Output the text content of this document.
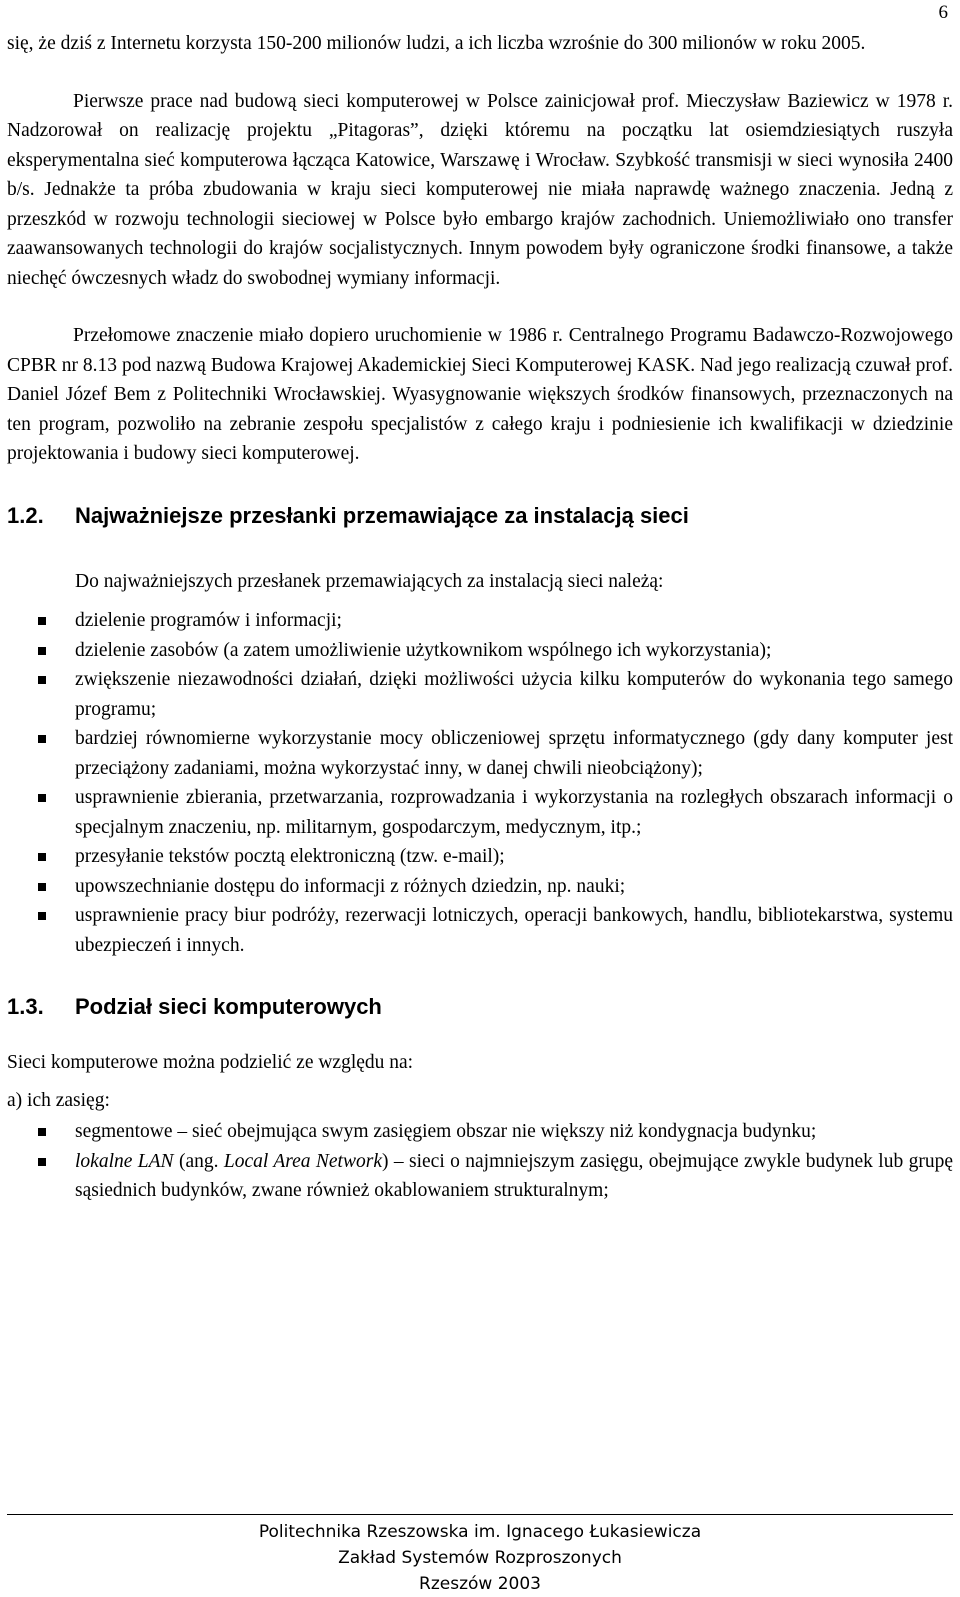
6

się, że dziś z Internetu korzysta 150-200 milionów ludzi, a ich liczba wzrośnie do 300 milionów w roku 2005.

Pierwsze prace nad budową sieci komputerowej w Polsce zainicjował prof. Mieczysław Baziewicz w 1978 r. Nadzorował on realizację projektu „Pitagoras”, dzięki któremu na początku lat osiemdziesiątych ruszyła eksperymentalna sieć komputerowa łącząca Katowice, Warszawę i Wrocław. Szybkość transmisji w sieci wynosiła 2400 b/s. Jednakże ta próba zbudowania w kraju sieci komputerowej nie miała naprawdę ważnego znaczenia. Jedną z przeszkód w rozwoju technologii sieciowej w Polsce było embargo krajów zachodnich. Uniemożliwiało ono transfer zaawansowanych technologii do krajów socjalistycznych. Innym powodem były ograniczone środki finansowe, a także niechęć ówczesnych władz do swobodnej wymiany informacji.

Przełomowe znaczenie miało dopiero uruchomienie w 1986 r. Centralnego Programu Badawczo-Rozwojowego CPBR nr 8.13 pod nazwą Budowa Krajowej Akademickiej Sieci Komputerowej KASK. Nad jego realizacją czuwał prof. Daniel Józef Bem z Politechniki Wrocławskiej. Wyasygnowanie większych środków finansowych, przeznaczonych na ten program, pozwoliło na zebranie zespołu specjalistów z całego kraju i podniesienie ich kwalifikacji w dziedzinie projektowania i budowy sieci komputerowej.

1.2.	Najważniejsze przesłanki przemawiające za instalacją sieci

Do najważniejszych przesłanek przemawiających za instalacją sieci należą:

dzielenie programów i informacji;
dzielenie zasobów (a zatem umożliwienie użytkownikom wspólnego ich wykorzystania);
zwiększenie niezawodności działań, dzięki możliwości użycia kilku komputerów do wykonania tego samego programu;
bardziej równomierne wykorzystanie mocy obliczeniowej sprzętu informatycznego (gdy dany komputer jest przeciążony zadaniami, można wykorzystać inny, w danej chwili nieobciążony);
usprawnienie zbierania, przetwarzania, rozprowadzania i wykorzystania na rozległych obszarach informacji o specjalnym znaczeniu, np. militarnym, gospodarczym, medycznym, itp.;
przesyłanie tekstów pocztą elektroniczną (tzw. e-mail);
upowszechnianie dostępu do informacji z różnych dziedzin, np. nauki;
usprawnienie pracy biur podróży, rezerwacji lotniczych, operacji bankowych, handlu, bibliotekarstwa, systemu ubezpieczeń i innych.
1.3.	Podział sieci komputerowych

Sieci komputerowe można podzielić ze względu na:

a) ich zasięg:

segmentowe – sieć obejmująca swym zasięgiem obszar nie większy niż kondygnacja budynku;
lokalne LAN (ang. Local Area Network) – sieci o najmniejszym zasięgu, obejmujące zwykle budynek lub grupę sąsiednich budynków, zwane również okablowaniem strukturalnym;
Politechnika Rzeszowska im. Ignacego Łukasiewicza
Zakład Systemów Rozproszonych
Rzeszów 2003
